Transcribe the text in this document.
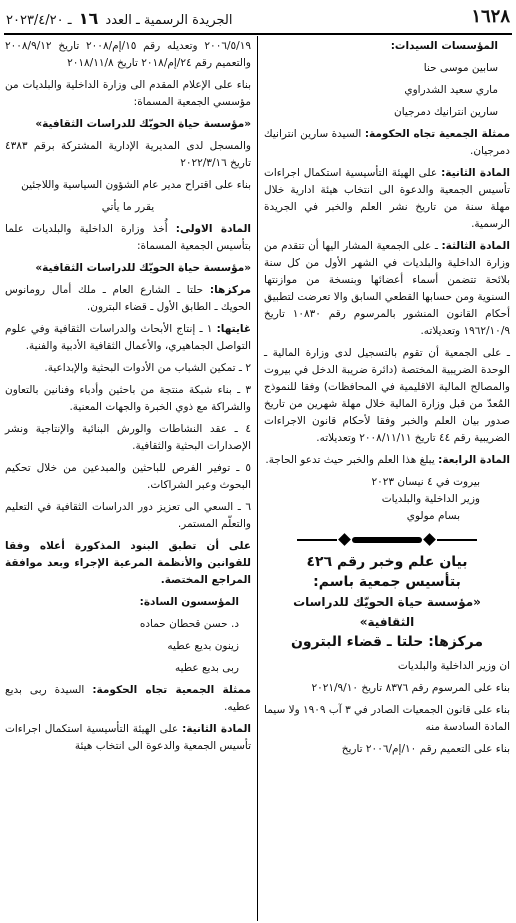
١٦٢٨
الجريدة الرسمية ـ العدد ١٦ ـ ٢٠٢٣/٤/٢٠

المؤسسات السيدات:

سابين موسى حنا

ماري سعيد الشدراوي

سارين انترانيك دمرجيان

ممثلة الجمعية تجاه الحكومة: السيدة سارين انترانيك دمرجيان.

المادة الثانية: على الهيئة التأسيسية استكمال اجراءات تأسيس الجمعية والدعوة الى انتخاب هيئة ادارية خلال مهلة سنة من تاريخ نشر العلم والخبر في الجريدة الرسمية.

المادة الثالثة: ـ على الجمعية المشار اليها أن تتقدم من وزارة الداخلية والبلديات في الشهر الأول من كل سنة بلائحة تتضمن أسماء أعضائها وبنسخة من موازنتها السنوية ومن حسابها القطعي السابق والا تعرضت لتطبيق أحكام القانون المنشور بالمرسوم رقم ١٠٨٣٠ تاريخ ١٩٦٢/١٠/٩ وتعديلاته.

ـ على الجمعية أن تقوم بالتسجيل لدى وزارة المالية ـ الوحدة الضريبية المختصة (دائرة ضريبة الدخل في بيروت والمصالح المالية الاقليمية في المحافظات) وفقا للنموذج المُعدّ من قبل وزارة المالية خلال مهلة شهرين من تاريخ صدور بيان العلم والخبر وفقا لأحكام قانون الاجراءات الضريبية رقم ٤٤ تاريخ ٢٠٠٨/١١/١١ وتعديلاته.

المادة الرابعة: يبلغ هذا العلم والخبر حيث تدعو الحاجة.

بيروت في ٤ نيسان ٢٠٢٣
وزير الداخلية والبلديات
بسام مولوي
بيان علم وخبر رقم ٤٢٦
بتأسيس جمعية باسم:
«مؤسسة حياة الحويّك للدراسات الثقافية»
مركزها: حلتا ـ قضاء البترون

ان وزير الداخلية والبلديات

بناء على المرسوم رقم ٨٣٧٦ تاريخ ٢٠٢١/٩/١٠

بناء على قانون الجمعيات الصادر في ٣ آب ١٩٠٩ ولا سيما المادة السادسة منه

بناء على التعميم رقم ١٠/إم/٢٠٠٦ تاريخ

٢٠٠٦/٥/١٩ وتعديله رقم ١٥/إم/٢٠٠٨ تاريخ ٢٠٠٨/٩/١٢ والتعميم رقم ٢٤/إم/٢٠١٨ تاريخ ٢٠١٨/١١/٨

بناء على الإعلام المقدم الى وزارة الداخلية والبلديات من مؤسسي الجمعية المسماة:

«مؤسسة حياة الحويّك للدراسات الثقافية»

والمسجل لدى المديرية الإدارية المشتركة برقم ٤٣٨٣ تاريخ ٢٠٢٢/٣/١٦

بناء على اقتراح مدير عام الشؤون السياسية واللاجئين

يقرر ما يأتي

المادة الاولى: أُخذ وزارة الداخلية والبلديات علما بتأسيس الجمعية المسماة:

«مؤسسة حياة الحويّك للدراسات الثقافية»

مركزها: حلتا ـ الشارع العام ـ ملك أمال رومانوس الحويك ـ الطابق الأول ـ قضاء البترون.

غايتها: ١ ـ إنتاج الأبحاث والدراسات الثقافية وفي علوم التواصل الجماهيري، والأعمال الثقافية الأدبية والفنية.

٢ ـ تمكين الشباب من الأدوات البحثية والإبداعية.

٣ ـ بناء شبكة منتجة من باحثين وأدباء وفنانين بالتعاون والشراكة مع ذوي الخبرة والجهات المعنية.

٤ ـ عقد النشاطات والورش البنائية والإنتاجية ونشر الإصدارات البحثية والثقافية.

٥ ـ توفير الفرص للباحثين والمبدعين من خلال تحكيم البحوث وعبر الشراكات.

٦ ـ السعي الى تعزيز دور الدراسات الثقافية في التعليم والتعلّم المستمر.

على أن تطبق البنود المذكورة أعلاه وفقا للقوانين والأنظمة المرعية الإجراء وبعد موافقة المراجع المختصة.

المؤسسون السادة:

د. حسن قحطان حماده

زينون بديع عطيه

ربى بديع عطيه

ممثلة الجمعية تجاه الحكومة: السيدة ربى بديع عطيه.

المادة الثانية: على الهيئة التأسيسية استكمال اجراءات تأسيس الجمعية والدعوة الى انتخاب هيئة
